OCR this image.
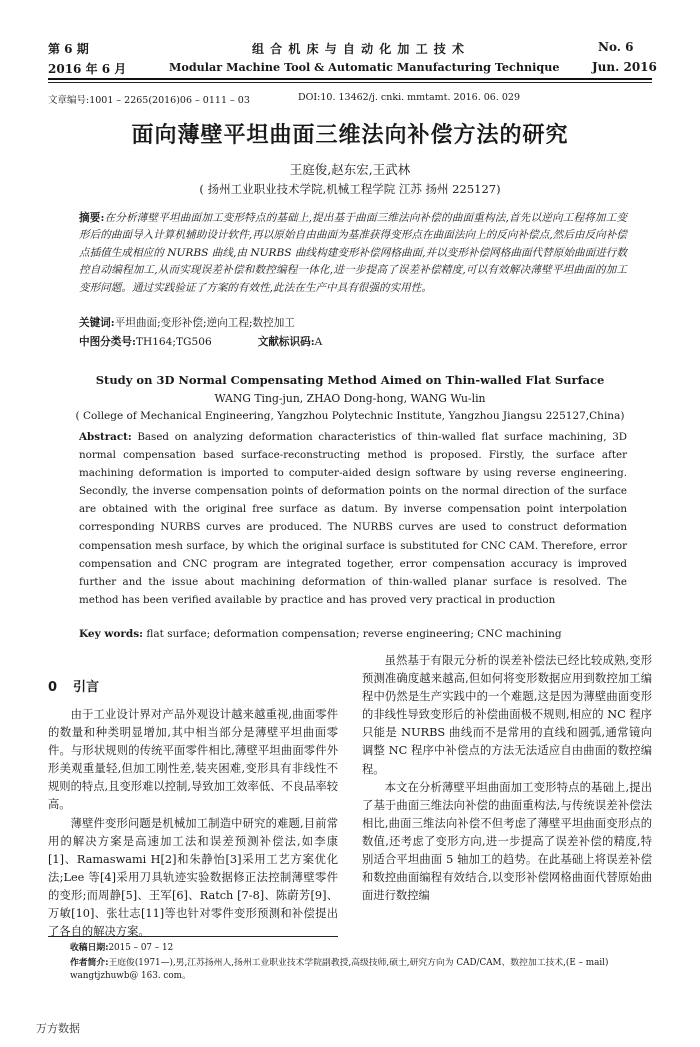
第 6 期	组 合 机 床 与 自 动 化 加 工 技 术	No. 6
2016 年 6 月	Modular Machine Tool & Automatic Manufacturing Technique	Jun. 2016
文章编号:1001 – 2265(2016)06 – 0111 – 03	DOI:10. 13462/j. cnki. mmtamt. 2016. 06. 029
面向薄壁平坦曲面三维法向补偿方法的研究
王庭俊,赵东宏,王武林
( 扬州工业职业技术学院,机械工程学院 江苏 扬州 225127)
摘要:在分析薄壁平坦曲面加工变形特点的基础上,提出基于曲面三维法向补偿的曲面重构法,首先以逆向工程将加工变形后的曲面导入计算机辅助设计软件,再以原始自由曲面为基准获得变形点在曲面法向上的反向补偿点,然后由反向补偿点插值生成相应的 NURBS 曲线,由 NURBS 曲线构建变形补偿网格曲面,并以变形补偿网格曲面代替原始曲面进行数控自动编程加工,从而实现误差补偿和数控编程一体化,进一步提高了误差补偿精度,可以有效解决薄壁平坦曲面的加工变形问题。通过实践验证了方案的有效性,此法在生产中具有很强的实用性。
关键词:平坦曲面;变形补偿;逆向工程;数控加工
中图分类号:TH164;TG506	文献标识码:A
Study on 3D Normal Compensating Method Aimed on Thin-walled Flat Surface
WANG Ting-jun, ZHAO Dong-hong, WANG Wu-lin
( College of Mechanical Engineering, Yangzhou Polytechnic Institute, Yangzhou Jiangsu 225127,China)
Abstract: Based on analyzing deformation characteristics of thin-walled flat surface machining, 3D normal compensation based surface-reconstructing method is proposed. Firstly, the surface after machining deformation is imported to computer-aided design software by using reverse engineering. Secondly, the inverse compensation points of deformation points on the normal direction of the surface are obtained with the original free surface as datum. By inverse compensation point interpolation corresponding NURBS curves are produced. The NURBS curves are used to construct deformation compensation mesh surface, by which the original surface is substituted for CNC CAM. Therefore, error compensation and CNC program are integrated together, error compensation accuracy is improved further and the issue about machining deformation of thin-walled planar surface is resolved. The method has been verified available by practice and has proved very practical in production
Key words: flat surface; deformation compensation; reverse engineering; CNC machining
0 引言

由于工业设计界对产品外观设计越来越重视,曲面零件的数量和种类明显增加,其中相当部分是薄壁平坦曲面零件。与形状规则的传统平面零件相比,薄壁平坦曲面零件外形美观重量轻,但加工刚性差,装夹困难,变形具有非线性不规则的特点,且变形难以控制,导致加工效率低、不良品率较高。

薄壁件变形问题是机械加工制造中研究的难题,目前常用的解决方案是高速加工法和误差预测补偿法,如李康[1]、Ramaswami H[2]和朱静怡[3]采用工艺方案优化法;Lee 等[4]采用刀具轨迹实验数据修正法控制薄壁零件的变形;而周静[5]、王军[6]、Ratch [7-8]、陈蔚芳[9]、万敏[10]、张壮志[11]等也针对零件变形预测和补偿提出了各自的解决方案。

虽然基于有限元分析的误差补偿法已经比较成熟,变形预测准确度越来越高,但如何将变形数据应用到数控加工编程中仍然是生产实践中的一个难题,这是因为薄壁曲面变形的非线性导致变形后的补偿曲面极不规则,相应的 NC 程序只能是 NURBS 曲线而不是常用的直线和圆弧,通常镜向调整 NC 程序中补偿点的方法无法适应自由曲面的数控编程。

本文在分析薄壁平坦曲面加工变形特点的基础上,提出了基于曲面三维法向补偿的曲面重构法,与传统误差补偿法相比,曲面三维法向补偿不但考虑了薄壁平坦曲面变形点的数值,还考虑了变形方向,进一步提高了误差补偿的精度,特别适合平坦曲面 5 轴加工的趋势。在此基础上将误差补偿和数控曲面编程有效结合,以变形补偿网格曲面代替原始曲面进行数控编

收稿日期:2015 – 07 – 12
作者简介:王庭俊(1971—),男,江苏扬州人,扬州工业职业技术学院副教授,高级技师,硕士,研究方向为 CAD/CAM、数控加工技术,(E – mail) wangtjzhuwb@ 163. com。
万方数据
